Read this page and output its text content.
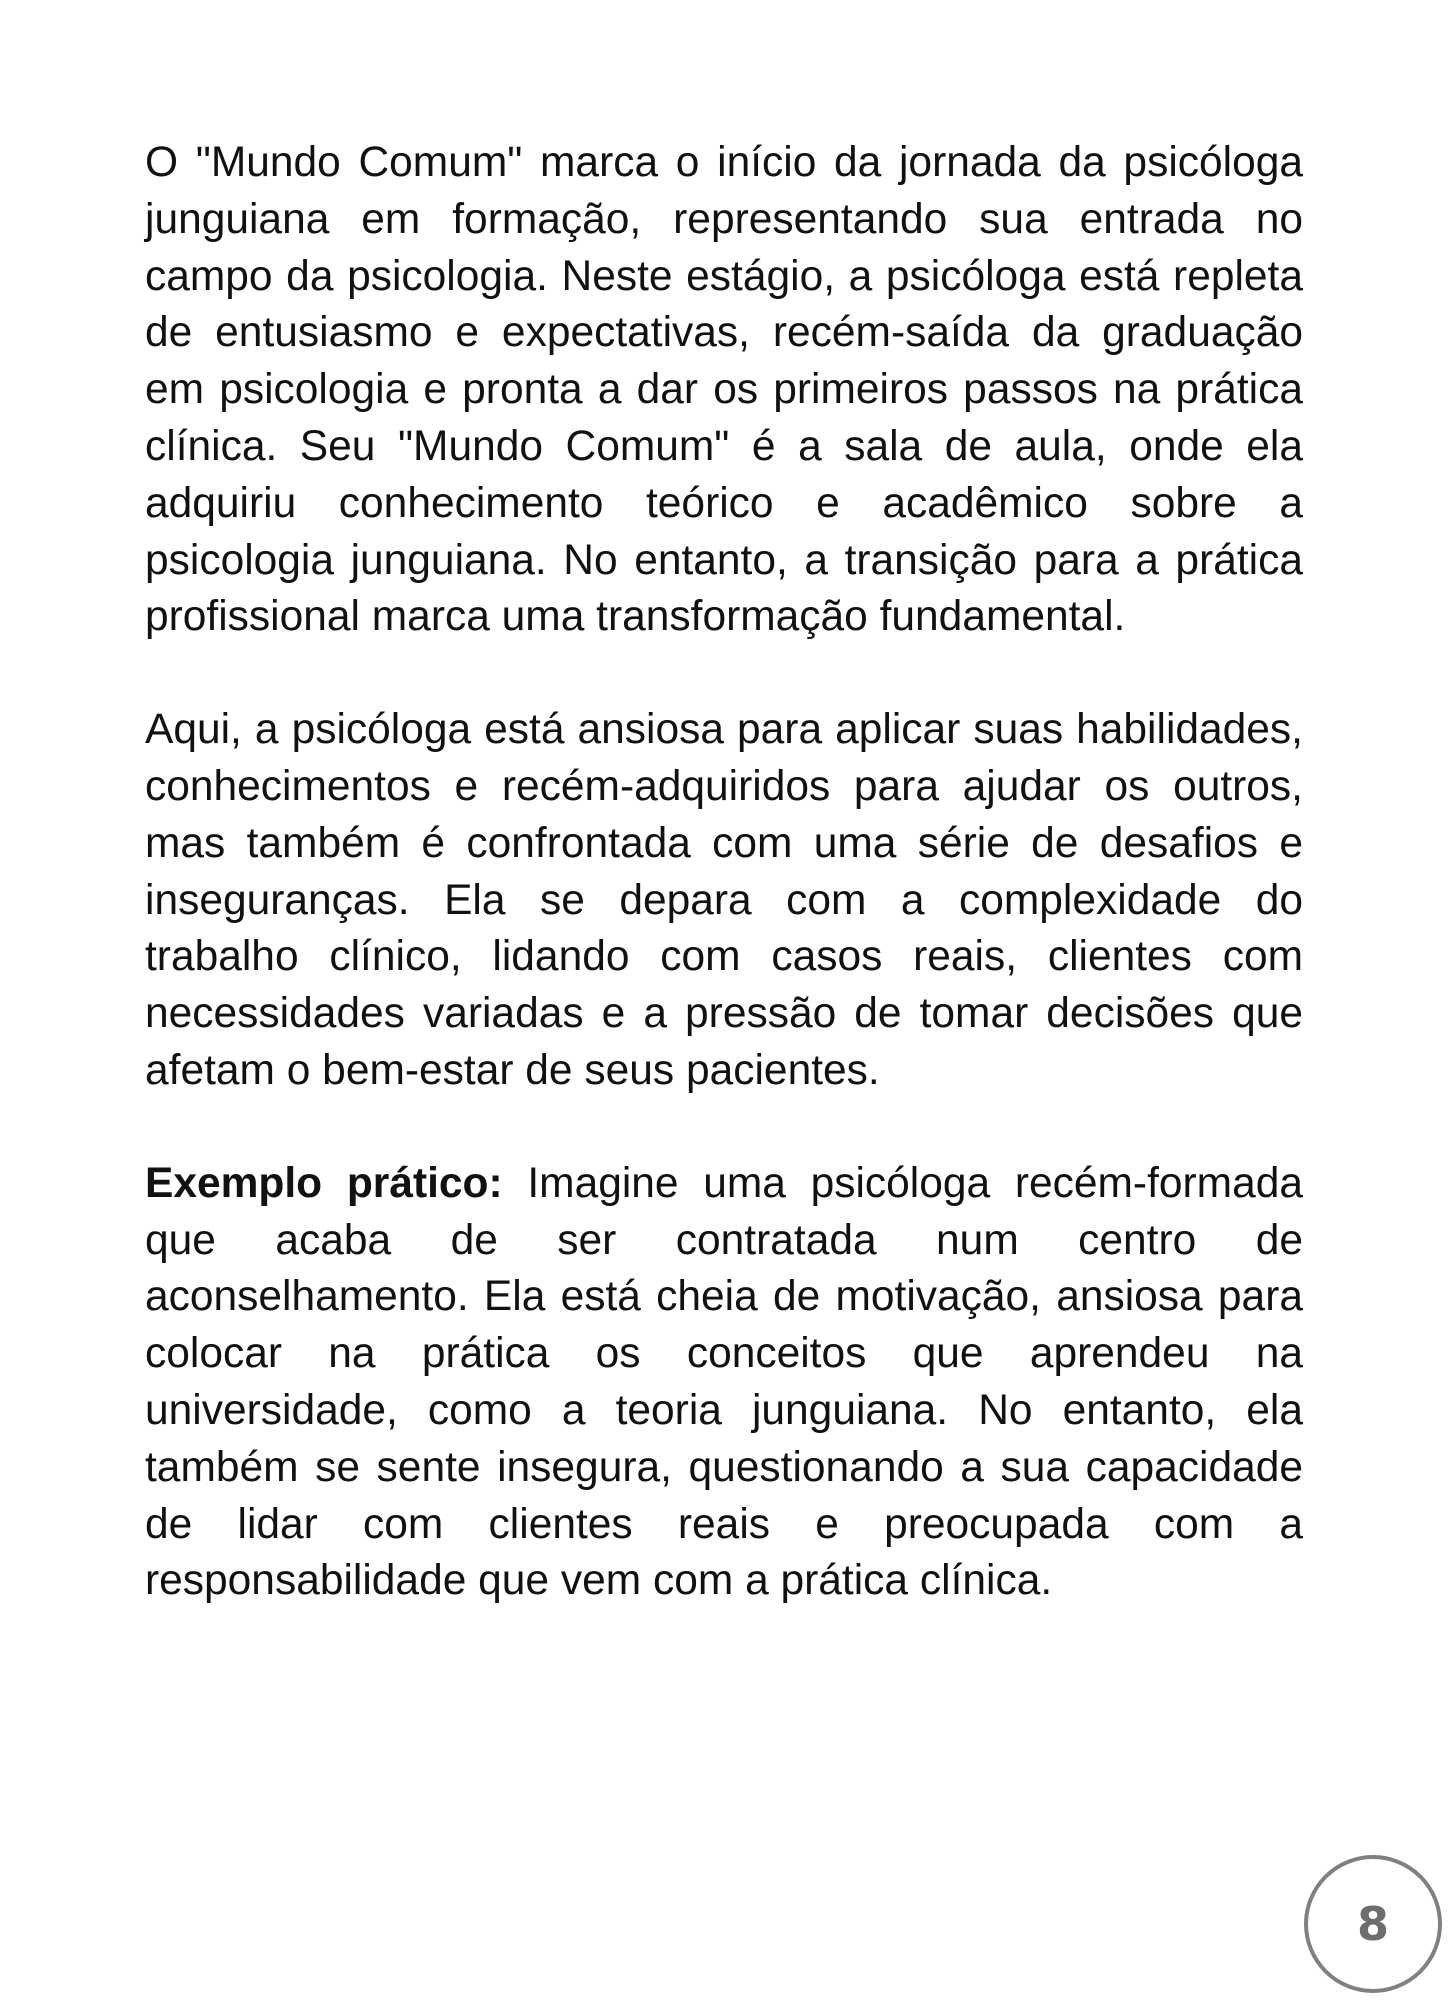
O "Mundo Comum" marca o início da jornada da psicóloga junguiana em formação, representando sua entrada no campo da psicologia. Neste estágio, a psicóloga está repleta de entusiasmo e expectativas, recém-saída da graduação em psicologia e pronta a dar os primeiros passos na prática clínica. Seu "Mundo Comum" é a sala de aula, onde ela adquiriu conhecimento teórico e acadêmico sobre a psicologia junguiana. No entanto, a transição para a prática profissional marca uma transformação fundamental.

Aqui, a psicóloga está ansiosa para aplicar suas habilidades, conhecimentos e recém-adquiridos para ajudar os outros, mas também é confrontada com uma série de desafios e inseguranças. Ela se depara com a complexidade do trabalho clínico, lidando com casos reais, clientes com necessidades variadas e a pressão de tomar decisões que afetam o bem-estar de seus pacientes.

Exemplo prático: Imagine uma psicóloga recém-formada que acaba de ser contratada num centro de aconselhamento. Ela está cheia de motivação, ansiosa para colocar na prática os conceitos que aprendeu na universidade, como a teoria junguiana. No entanto, ela também se sente insegura, questionando a sua capacidade de lidar com clientes reais e preocupada com a responsabilidade que vem com a prática clínica.

8
